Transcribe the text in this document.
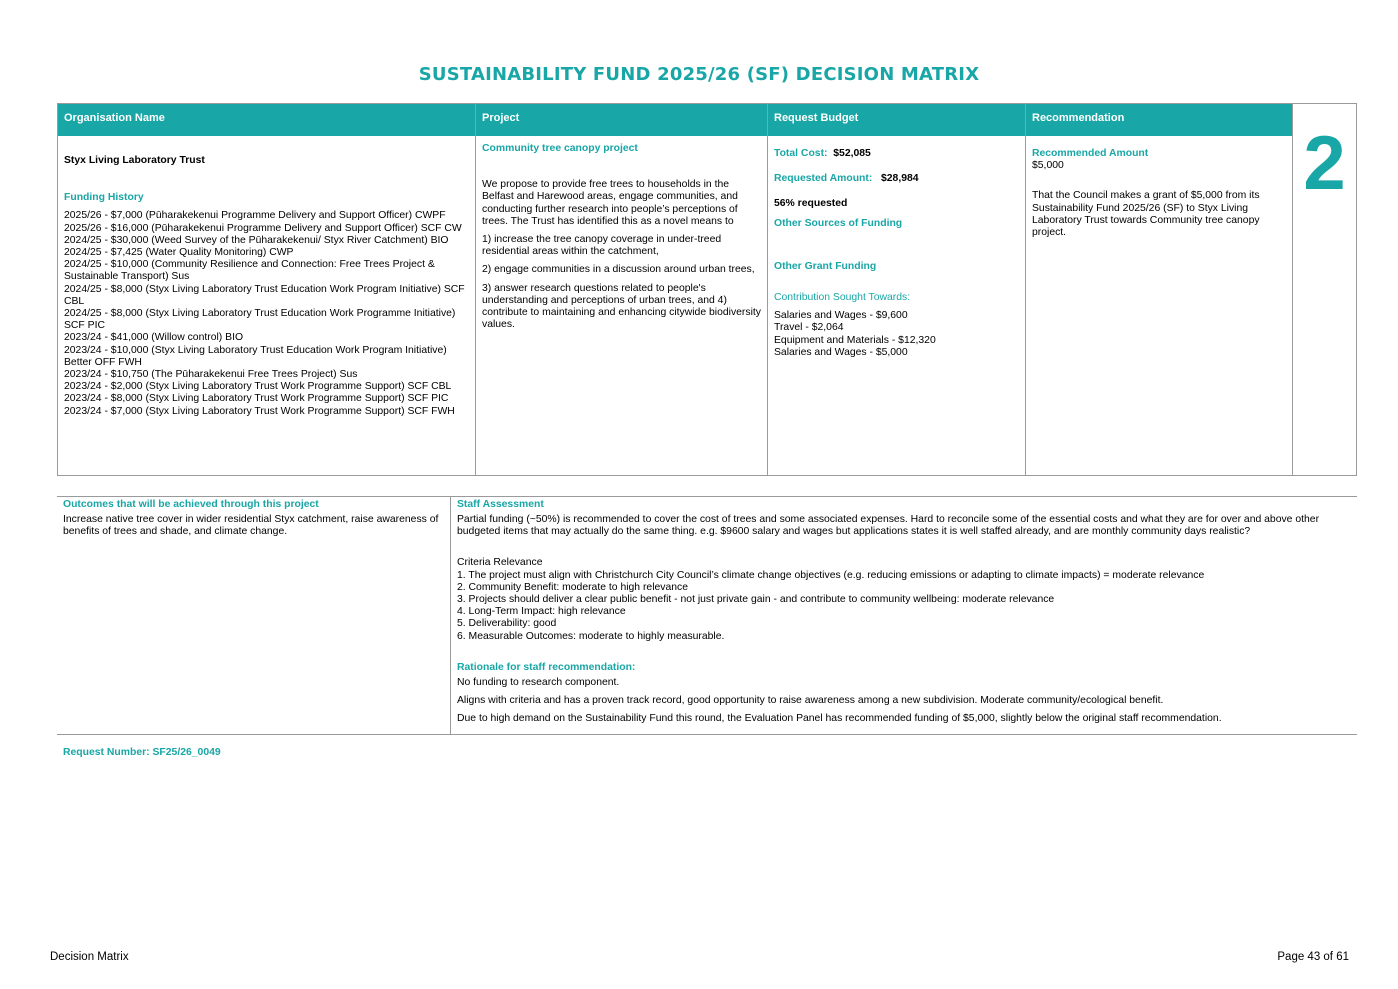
SUSTAINABILITY FUND 2025/26 (SF) DECISION MATRIX
Organisation Name

Styx Living Laboratory Trust

Funding History

2025/26 - $7,000 (Pūharakekenui Programme Delivery and Support Officer) CWPF

2025/26 - $16,000 (Pūharakekenui Programme Delivery and Support Officer) SCF CW

2024/25 - $30,000 (Weed Survey of the Pūharakekenui/ Styx River Catchment) BIO

2024/25 - $7,425 (Water Quality Monitoring) CWP

2024/25 - $10,000 (Community Resilience and Connection: Free Trees Project & Sustainable Transport) Sus

2024/25 - $8,000 (Styx Living Laboratory Trust Education Work Program Initiative) SCF CBL

2024/25 - $8,000 (Styx Living Laboratory Trust Education Work Programme Initiative) SCF PIC

2023/24 - $41,000 (Willow control) BIO

2023/24 - $10,000 (Styx Living Laboratory Trust Education Work Program Initiative) Better OFF FWH

2023/24 - $10,750 (The Pūharakekenui Free Trees Project) Sus

2023/24 - $2,000 (Styx Living Laboratory Trust Work Programme Support) SCF CBL

2023/24 - $8,000 (Styx Living Laboratory Trust Work Programme Support) SCF PIC

2023/24 - $7,000 (Styx Living Laboratory Trust Work Programme Support) SCF FWH

Project

Community tree canopy project

We propose to provide free trees to households in the Belfast and Harewood areas, engage communities, and conducting further research into people’s perceptions of trees. The Trust has identified this as a novel means to

1) increase the tree canopy coverage in under-treed residential areas within the catchment,

2) engage communities in a discussion around urban trees,

3) answer research questions related to people's understanding and perceptions of urban trees, and 4) contribute to maintaining and enhancing citywide biodiversity values.

Request Budget

Total Cost: $52,085

Requested Amount: $28,984

56% requested

Other Sources of Funding

Other Grant Funding

Contribution Sought Towards:

Salaries and Wages - $9,600

Travel - $2,064

Equipment and Materials - $12,320

Salaries and Wages - $5,000

Recommendation

Recommended Amount

$5,000

That the Council makes a grant of $5,000 from its Sustainability Fund 2025/26 (SF) to Styx Living Laboratory Trust towards Community tree canopy project.

2
Outcomes that will be achieved through this project

Increase native tree cover in wider residential Styx catchment, raise awareness of benefits of trees and shade, and climate change.

Staff Assessment

Partial funding (~50%) is recommended to cover the cost of trees and some associated expenses. Hard to reconcile some of the essential costs and what they are for over and above other budgeted items that may actually do the same thing. e.g. $9600 salary and wages but applications states it is well staffed already, and are monthly community days realistic?

Criteria Relevance

1. The project must align with Christchurch City Council’s climate change objectives (e.g. reducing emissions or adapting to climate impacts) = moderate relevance

2. Community Benefit: moderate to high relevance

3. Projects should deliver a clear public benefit - not just private gain - and contribute to community wellbeing: moderate relevance

4. Long-Term Impact: high relevance

5. Deliverability: good

6. Measurable Outcomes: moderate to highly measurable.

Rationale for staff recommendation:

No funding to research component.

Aligns with criteria and has a proven track record, good opportunity to raise awareness among a new subdivision. Moderate community/ecological benefit.

Due to high demand on the Sustainability Fund this round, the Evaluation Panel has recommended funding of $5,000, slightly below the original staff recommendation.

Request Number: SF25/26_0049
Decision Matrix	Page 43 of 61
